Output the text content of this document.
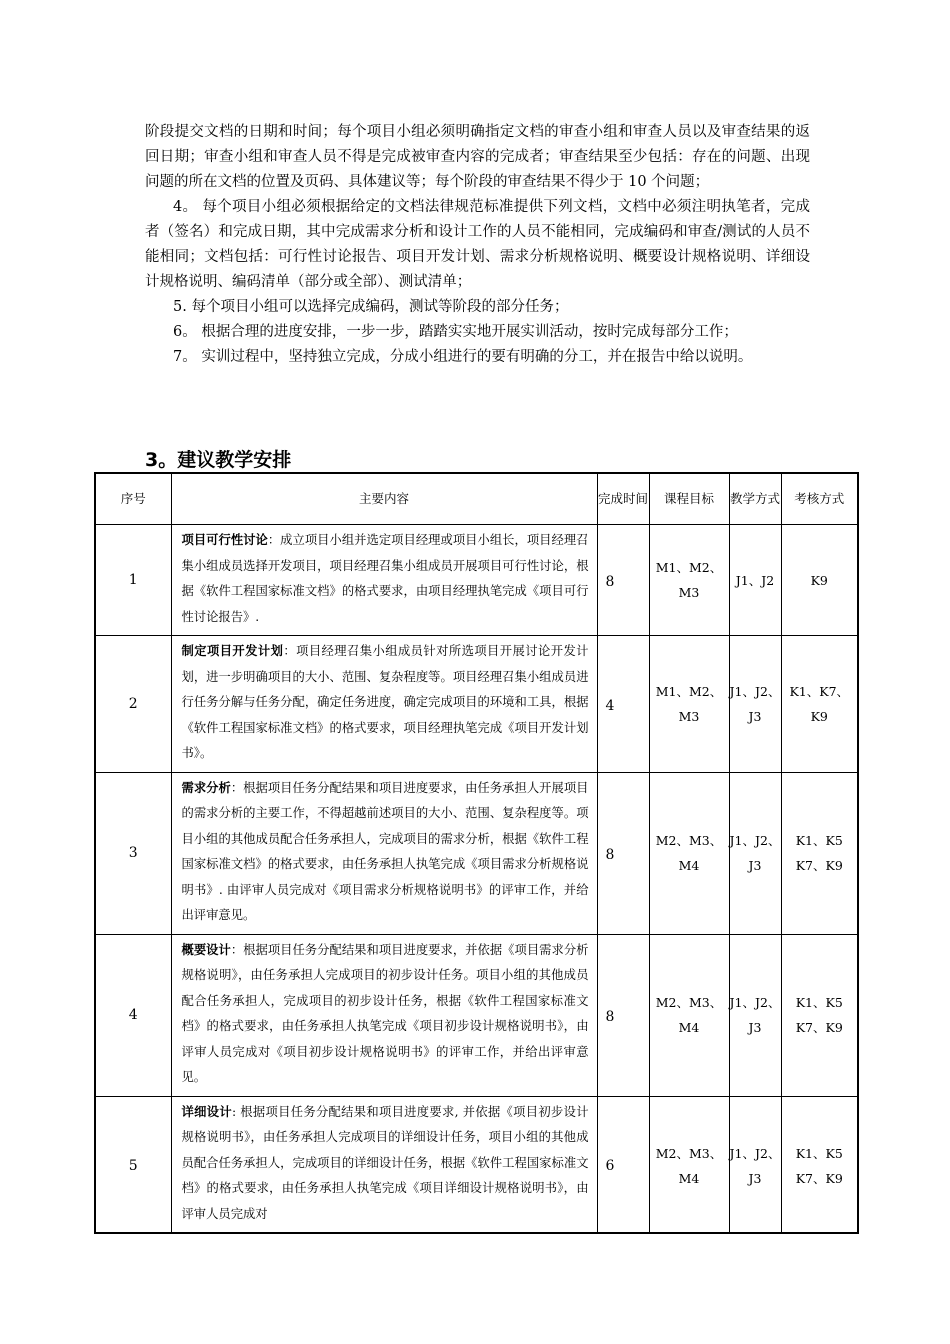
阶段提交文档的日期和时间；每个项目小组必须明确指定文档的审查小组和审查人员以及审查结果的返回日期；审查小组和审查人员不得是完成被审查内容的完成者；审查结果至少包括：存在的问题、出现问题的所在文档的位置及页码、具体建议等；每个阶段的审查结果不得少于 10 个问题；

4。 每个项目小组必须根据给定的文档法律规范标准提供下列文档，文档中必须注明执笔者，完成者（签名）和完成日期，其中完成需求分析和设计工作的人员不能相同，完成编码和审查/测试的人员不能相同；文档包括：可行性讨论报告、项目开发计划、需求分析规格说明、概要设计规格说明、详细设计规格说明、编码清单（部分或全部）、测试清单；

5. 每个项目小组可以选择完成编码，测试等阶段的部分任务；

6。 根据合理的进度安排，一步一步，踏踏实实地开展实训活动，按时完成每部分工作；

7。 实训过程中，坚持独立完成，分成小组进行的要有明确的分工，并在报告中给以说明。

3。建议教学安排
序号	主要内容	完成时间	课程目标	教学方式	考核方式
1	项目可行性讨论：成立项目小组并选定项目经理或项目小组长，项目经理召集小组成员选择开发项目，项目经理召集小组成员开展项目可行性讨论，根据《软件工程国家标准文档》的格式要求，由项目经理执笔完成《项目可行性讨论报告》.	8	M1、M2、M3	J1、J2	K9
2	制定项目开发计划：项目经理召集小组成员针对所选项目开展讨论开发计划，进一步明确项目的大小、范围、复杂程度等。项目经理召集小组成员进行任务分解与任务分配，确定任务进度，确定完成项目的环境和工具，根据《软件工程国家标准文档》的格式要求，项目经理执笔完成《项目开发计划书》。	4	M1、M2、M3	J1、J2、J3	K1、K7、K9
3	需求分析：根据项目任务分配结果和项目进度要求，由任务承担人开展项目的需求分析的主要工作，不得超越前述项目的大小、范围、复杂程度等。项目小组的其他成员配合任务承担人，完成项目的需求分析，根据《软件工程国家标准文档》的格式要求，由任务承担人执笔完成《项目需求分析规格说明书》. 由评审人员完成对《项目需求分析规格说明书》的评审工作，并给出评审意见。	8	M2、M3、M4	J1、J2、J3	K1、K5 K7、K9
4	概要设计：根据项目任务分配结果和项目进度要求，并依据《项目需求分析规格说明》，由任务承担人完成项目的初步设计任务。项目小组的其他成员配合任务承担人，完成项目的初步设计任务，根据《软件工程国家标准文档》的格式要求，由任务承担人执笔完成《项目初步设计规格说明书》，由评审人员完成对《项目初步设计规格说明书》的评审工作，并给出评审意见。	8	M2、M3、M4	J1、J2、J3	K1、K5 K7、K9
5	详细设计: 根据项目任务分配结果和项目进度要求, 并依据《项目初步设计规格说明书》，由任务承担人完成项目的详细设计任务，项目小组的其他成员配合任务承担人，完成项目的详细设计任务，根据《软件工程国家标准文档》的格式要求，由任务承担人执笔完成《项目详细设计规格说明书》，由评审人员完成对	6	M2、M3、M4	J1、J2、J3	K1、K5 K7、K9
